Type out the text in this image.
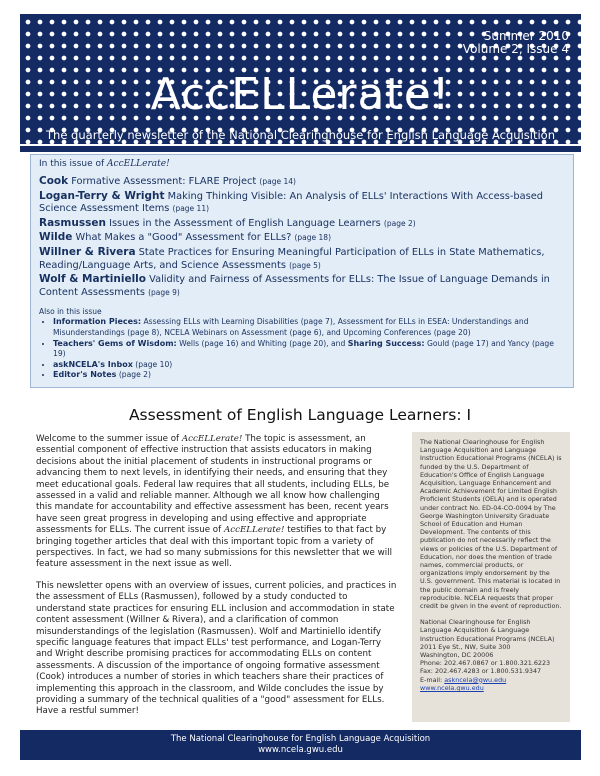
Summer 2010
Volume 2, Issue 4
AccELLerate!
The quarterly newsletter of the National Clearinghouse for English Language Acquisition
In this issue of AccELLerate!
Cook Formative Assessment: FLARE Project (page 14)
Logan-Terry & Wright Making Thinking Visible: An Analysis of ELLs' Interactions With Access-based Science Assessment Items (page 11)
Rasmussen Issues in the Assessment of English Language Learners (page 2)
Wilde What Makes a "Good" Assessment for ELLs? (page 18)
Willner & Rivera State Practices for Ensuring Meaningful Participation of ELLs in State Mathematics, Reading/Language Arts, and Science Assessments (page 5)
Wolf & Martiniello Validity and Fairness of Assessments for ELLs: The Issue of Language Demands in Content Assessments (page 9)
Also in this issue
• Information Pieces: Assessing ELLs with Learning Disabilities (page 7), Assessment for ELLs in ESEA: Understandings and Misunderstandings (page 8), NCELA Webinars on Assessment (page 6), and Upcoming Conferences (page 20)
• Teachers' Gems of Wisdom: Wells (page 16) and Whiting (page 20), and Sharing Success: Gould (page 17) and Yancy (page 19)
• askNCELA's Inbox (page 10)
• Editor's Notes (page 2)
Assessment of English Language Learners: I

Welcome to the summer issue of AccELLerate! The topic is assessment, an essential component of effective instruction that assists educators in making decisions about the initial placement of students in instructional programs or advancing them to next levels, in identifying their needs, and ensuring that they meet educational goals. Federal law requires that all students, including ELLs, be assessed in a valid and reliable manner. Although we all know how challenging this mandate for accountability and effective assessment has been, recent years have seen great progress in developing and using effective and appropriate assessments for ELLs. The current issue of AccELLerate! testifies to that fact by bringing together articles that deal with this important topic from a variety of perspectives. In fact, we had so many submissions for this newsletter that we will feature assessment in the next issue as well.

This newsletter opens with an overview of issues, current policies, and practices in the assessment of ELLs (Rasmussen), followed by a study conducted to understand state practices for ensuring ELL inclusion and accommodation in state content assessment (Willner & Rivera), and a clarification of common misunderstandings of the legislation (Rasmussen). Wolf and Martiniello identify specific language features that impact ELLs' test performance, and Logan-Terry and Wright describe promising practices for accommodating ELLs on content assessments. A discussion of the importance of ongoing formative assessment (Cook) introduces a number of stories in which teachers share their practices of implementing this approach in the classroom, and Wilde concludes the issue by providing a summary of the technical qualities of a "good" assessment for ELLs. Have a restful summer!

The National Clearinghouse for English Language Acquisition and Language Instruction Educational Programs (NCELA) is funded by the U.S. Department of Education's Office of English Language Acquisition, Language Enhancement and Academic Achievement for Limited English Proficient Students (OELA) and is operated under contract No. ED-04-CO-0094 by The George Washington University Graduate School of Education and Human Development. The contents of this publication do not necessarily reflect the views or policies of the U.S. Department of Education, nor does the mention of trade names, commercial products, or organizations imply endorsement by the U.S. government. This material is located in the public domain and is freely reproducible. NCELA requests that proper credit be given in the event of reproduction.

National Clearinghouse for English Language Acquisition & Language Instruction Educational Programs (NCELA)
2011 Eye St., NW, Suite 300
Washington, DC 20006
Phone: 202.467.0867 or 1.800.321.6223
Fax: 202.467.4283 or 1.800.531.9347
E-mail: askncela@gwu.edu
www.ncela.gwu.edu
The National Clearinghouse for English Language Acquisition
www.ncela.gwu.edu
